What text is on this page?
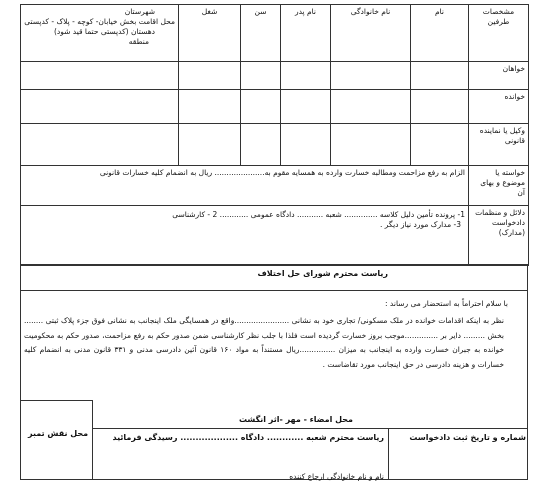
مشخصات طرفین	نام	نام خانوادگی	نام پدر	سن	شغل	شهرستان
محل اقامت بخش خیابان- کوچه - پلاک - کدپستی
دهستان (کدپستی حتما قید شود)
منطقه

خواهان						
خوانده						
وکیل یا نماینده قانونی						
خواسته یا موضوع و بهای آن	الزام به رفع مزاحمت ومطالبه خسارت وارده به همسایه مقوم به..................... ریال به انضمام کلیه خسارات قانونی					
دلائل و منظمات دادخواست (مدارک)	1- پرونده تأمین دلیل کلاسه .............. شعبه ........... دادگاه عمومی ............ 2 - کارشناسی
3- مدارک مورد نیاز دیگر .					
ریاست محترم شورای حل اختلاف
با سلام احتراماً به استحضار می رساند :
نظر به اینکه اقدامات خوانده در ملک مسکونی/ تجاری خود به نشانی .......................واقع در همسایگی ملک اینجانب به نشانی فوق جزء پلاک ثبتی ........ بخش ......... دایر بر ..............موجب بروز خسارت گردیده است فلذا با جلب نظر کارشناسی ضمن صدور حکم به رفع مزاحمت، صدور حکم به محکومیت خوانده به جبران خسارت وارده به اینجانب به میزان ...............ریال مستنداً به مواد ۱۶۰ قانون آئین دادرسی مدنی و ۳۳۱ قانون مدنی به انضمام کلیه خسارات و هزینه دادرسی در حق اینجانب مورد تقاضاست .
محل امضاء - مهر -اثر انگشت
محل نقش تمبر	شماره و تاریخ ثبت دادخواست
ریاست محترم شعبه ............ دادگاه ................... رسیدگی فرمائید
نام و نام خانوادگی ارجاع کننده
